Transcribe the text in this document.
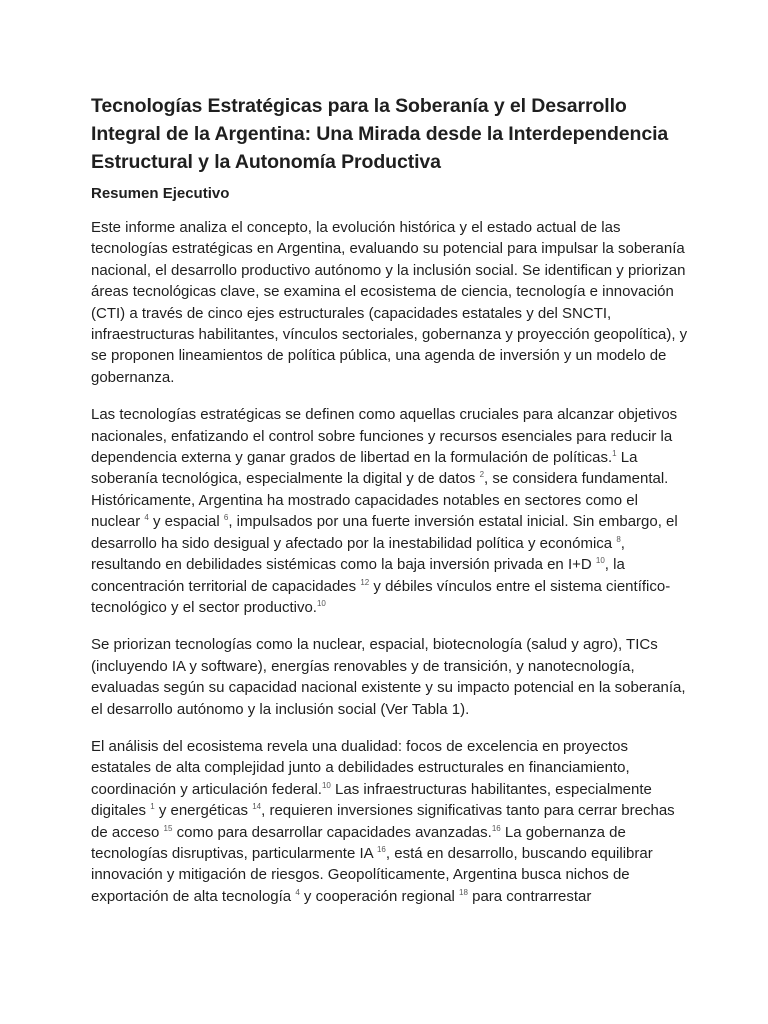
Tecnologías Estratégicas para la Soberanía y el Desarrollo Integral de la Argentina: Una Mirada desde la Interdependencia Estructural y la Autonomía Productiva
Resumen Ejecutivo

Este informe analiza el concepto, la evolución histórica y el estado actual de las tecnologías estratégicas en Argentina, evaluando su potencial para impulsar la soberanía nacional, el desarrollo productivo autónomo y la inclusión social. Se identifican y priorizan áreas tecnológicas clave, se examina el ecosistema de ciencia, tecnología e innovación (CTI) a través de cinco ejes estructurales (capacidades estatales y del SNCTI, infraestructuras habilitantes, vínculos sectoriales, gobernanza y proyección geopolítica), y se proponen lineamientos de política pública, una agenda de inversión y un modelo de gobernanza.

Las tecnologías estratégicas se definen como aquellas cruciales para alcanzar objetivos nacionales, enfatizando el control sobre funciones y recursos esenciales para reducir la dependencia externa y ganar grados de libertad en la formulación de políticas.$^1$ La soberanía tecnológica, especialmente la digital y de datos $^2$, se considera fundamental. Históricamente, Argentina ha mostrado capacidades notables en sectores como el nuclear $^4$ y espacial $^6$, impulsados por una fuerte inversión estatal inicial. Sin embargo, el desarrollo ha sido desigual y afectado por la inestabilidad política y económica $^8$, resultando en debilidades sistémicas como la baja inversión privada en I+D $^{10}$, la concentración territorial de capacidades $^{12}$ y débiles vínculos entre el sistema científico-tecnológico y el sector productivo.$^{10}$

Se priorizan tecnologías como la nuclear, espacial, biotecnología (salud y agro), TICs (incluyendo IA y software), energías renovables y de transición, y nanotecnología, evaluadas según su capacidad nacional existente y su impacto potencial en la soberanía, el desarrollo autónomo y la inclusión social (Ver Tabla 1).

El análisis del ecosistema revela una dualidad: focos de excelencia en proyectos estatales de alta complejidad junto a debilidades estructurales en financiamiento, coordinación y articulación federal.$^{10}$ Las infraestructuras habilitantes, especialmente digitales $^1$ y energéticas $^{14}$, requieren inversiones significativas tanto para cerrar brechas de acceso $^{15}$ como para desarrollar capacidades avanzadas.$^{16}$ La gobernanza de tecnologías disruptivas, particularmente IA $^{16}$, está en desarrollo, buscando equilibrar innovación y mitigación de riesgos. Geopolíticamente, Argentina busca nichos de exportación de alta tecnología $^4$ y cooperación regional $^{18}$ para contrarrestar
